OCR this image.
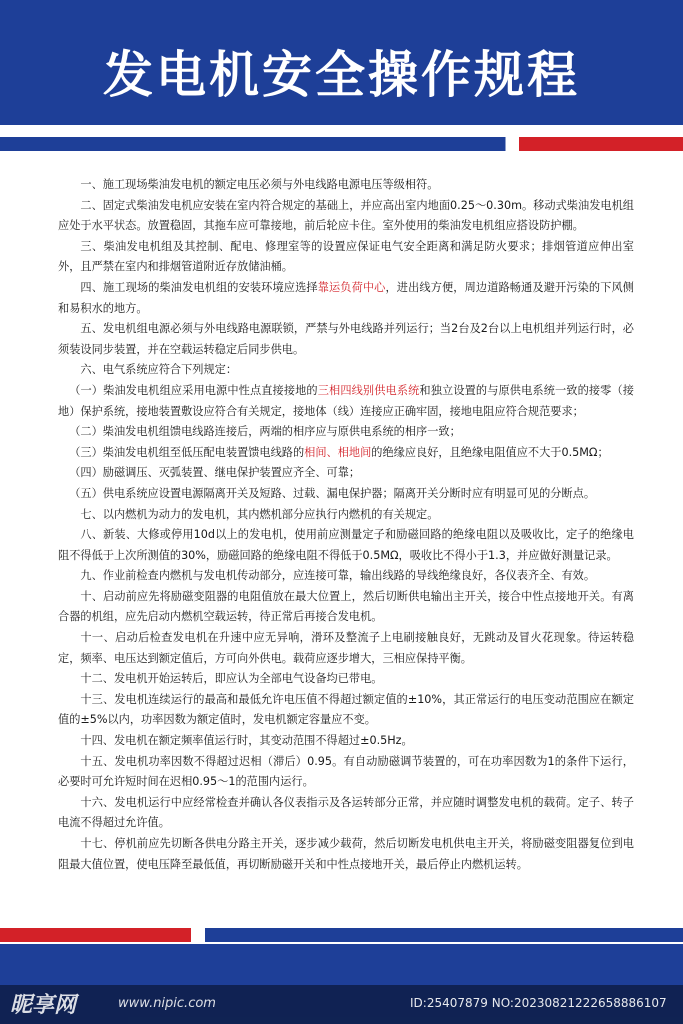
发电机安全操作规程

一、施工现场柴油发电机的额定电压必须与外电线路电源电压等级相符。

二、固定式柴油发电机应安装在室内符合规定的基础上，并应高出室内地面0.25～0.30m。移动式柴油发电机组应处于水平状态。放置稳固，其拖车应可靠接地，前后轮应卡住。室外使用的柴油发电机组应搭设防护棚。

三、柴油发电机组及其控制、配电、修理室等的设置应保证电气安全距离和满足防火要求；排烟管道应伸出室外，且严禁在室内和排烟管道附近存放储油桶。

四、施工现场的柴油发电机组的安装环境应选择靠运负荷中心，进出线方便，周边道路畅通及避开污染的下风侧和易积水的地方。

五、发电机组电源必须与外电线路电源联锁，严禁与外电线路并列运行；当2台及2台以上电机组并列运行时，必须装设同步装置，并在空载运转稳定后同步供电。

六、电气系统应符合下列规定：

（一）柴油发电机组应采用电源中性点直接接地的三相四线别供电系统和独立设置的与原供电系统一致的接零（接地）保护系统，接地装置敷设应符合有关规定，接地体（线）连接应正确牢固，接地电阻应符合规范要求；

（二）柴油发电机组馈电线路连接后，两端的相序应与原供电系统的相序一致；

（三）柴油发电机组至低压配电装置馈电线路的相间、相地间的绝缘应良好，且绝缘电阻值应不大于0.5MΩ；

（四）励磁调压、灭弧装置、继电保护装置应齐全、可靠；

（五）供电系统应设置电源隔离开关及短路、过载、漏电保护器；隔离开关分断时应有明显可见的分断点。

七、以内燃机为动力的发电机，其内燃机部分应执行内燃机的有关规定。

八、新装、大修或停用10d以上的发电机，使用前应测量定子和励磁回路的绝缘电阻以及吸收比，定子的绝缘电阻不得低于上次所测值的30%，励磁回路的绝缘电阻不得低于0.5MΩ，吸收比不得小于1.3，并应做好测量记录。

九、作业前检查内燃机与发电机传动部分，应连接可靠，输出线路的导线绝缘良好，各仪表齐全、有效。

十、启动前应先将励磁变阻器的电阻值放在最大位置上，然后切断供电输出主开关，接合中性点接地开关。有离合器的机组，应先启动内燃机空载运转，待正常后再接合发电机。

十一、启动后检查发电机在升速中应无异响，滑环及整流子上电刷接触良好，无跳动及冒火花现象。待运转稳定，频率、电压达到额定值后，方可向外供电。载荷应逐步增大，三相应保持平衡。

十二、发电机开始运转后，即应认为全部电气设备均已带电。

十三、发电机连续运行的最高和最低允许电压值不得超过额定值的±10%，其正常运行的电压变动范围应在额定值的±5%以内，功率因数为额定值时，发电机额定容量应不变。

十四、发电机在额定频率值运行时，其变动范围不得超过±0.5Hz。

十五、发电机功率因数不得超过迟相（滞后）0.95。有自动励磁调节装置的，可在功率因数为1的条件下运行，必要时可允许短时间在迟相0.95～1的范围内运行。

十六、发电机运行中应经常检查并确认各仪表指示及各运转部分正常，并应随时调整发电机的载荷。定子、转子电流不得超过允许值。

十七、停机前应先切断各供电分路主开关，逐步减少载荷，然后切断发电机供电主开关，将励磁变阻器复位到电阻最大值位置，使电压降至最低值，再切断励磁开关和中性点接地开关，最后停止内燃机运转。

昵享网	www.nipic.com	ID:25407879 NO:20230821222658886107
